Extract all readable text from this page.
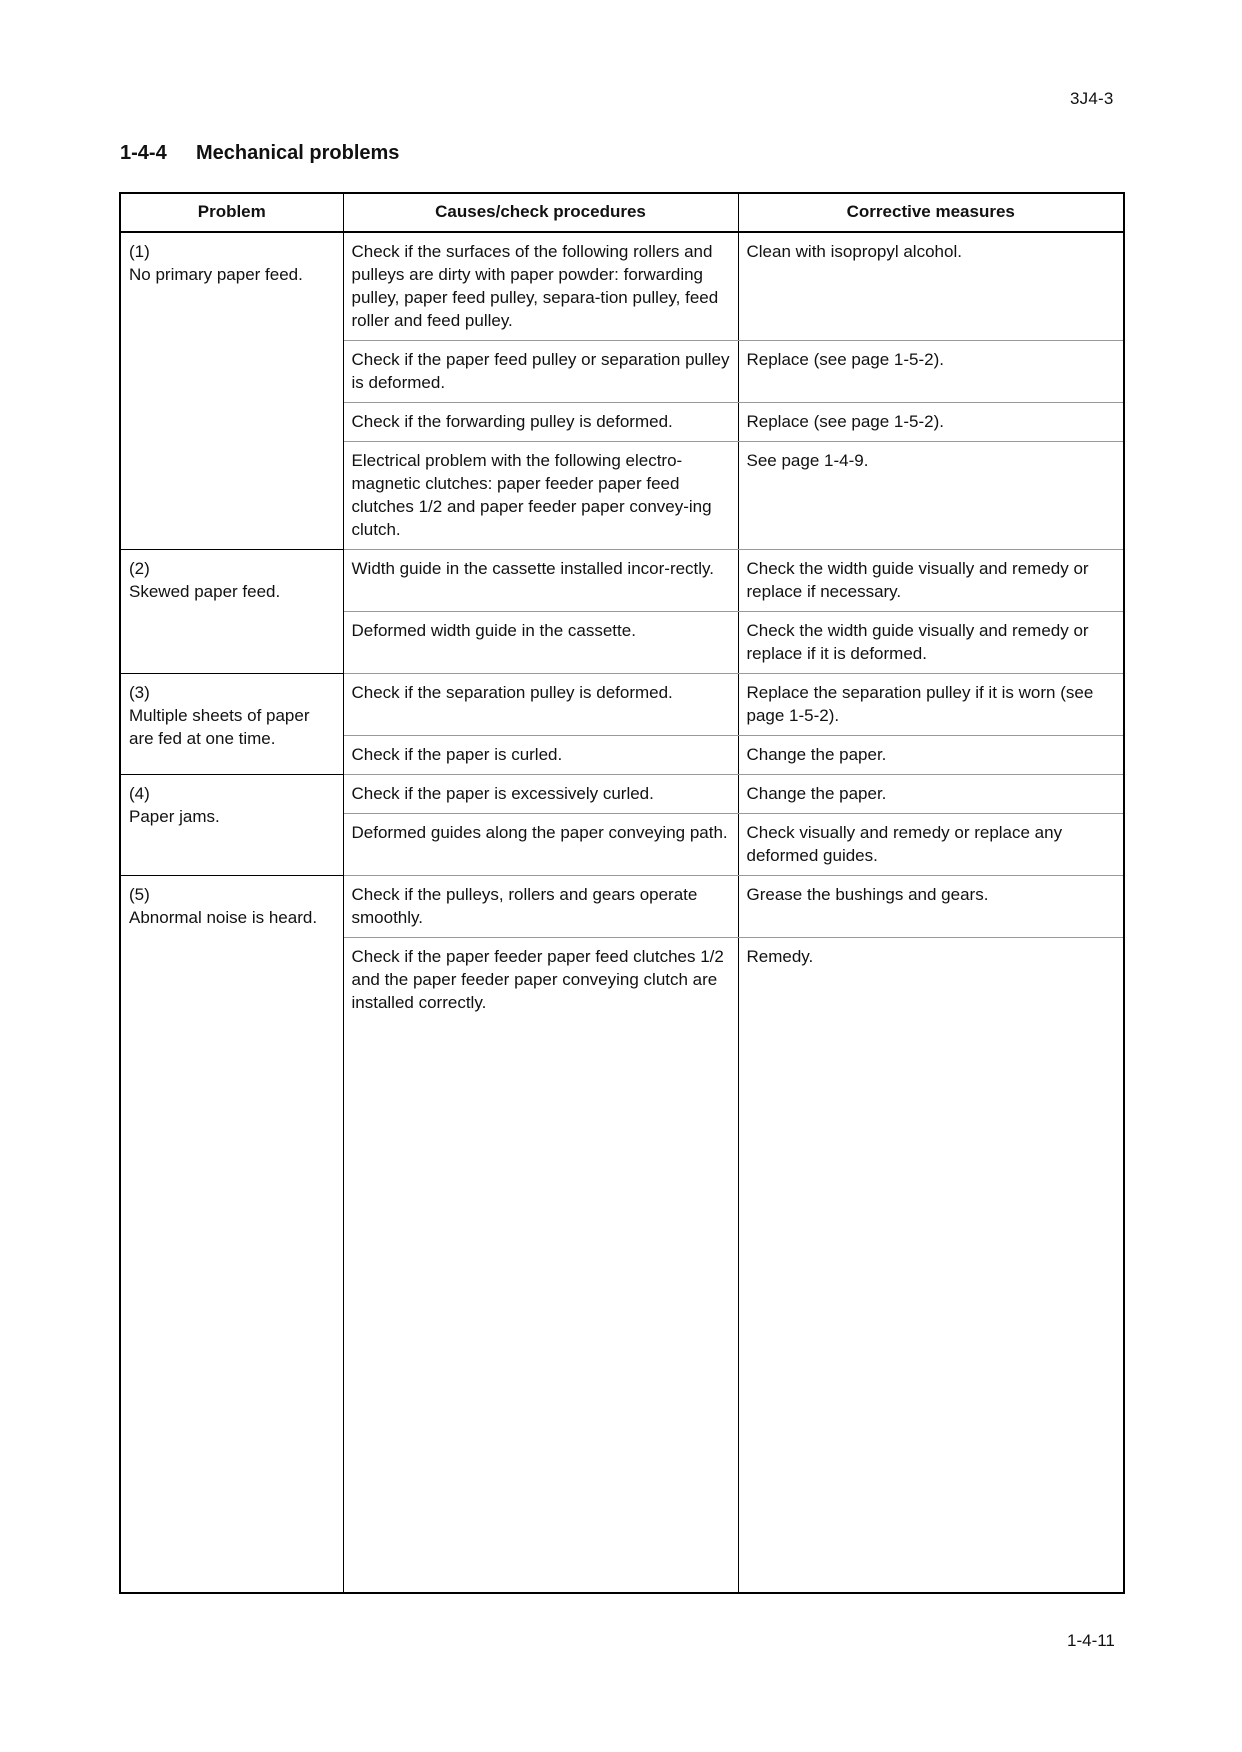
3J4-3
1-4-4 Mechanical problems
Problem	Causes/check procedures	Corrective measures

(1)
No primary paper feed.	Check if the surfaces of the following rollers and pulleys are dirty with paper powder: forwarding pulley, paper feed pulley, separa-tion pulley, feed roller and feed pulley.	Clean with isopropyl alcohol.
	Check if the paper feed pulley or separation pulley is deformed.	Replace (see page 1-5-2).
	Check if the forwarding pulley is deformed.	Replace (see page 1-5-2).
	Electrical problem with the following electro-magnetic clutches: paper feeder paper feed clutches 1/2 and paper feeder paper convey-ing clutch.	See page 1-4-9.

(2)
Skewed paper feed.	Width guide in the cassette installed incor-rectly.	Check the width guide visually and remedy or replace if necessary.
	Deformed width guide in the cassette.	Check the width guide visually and remedy or replace if it is deformed.

(3)
Multiple sheets of paper are fed at one time.	Check if the separation pulley is deformed.	Replace the separation pulley if it is worn (see page 1-5-2).
	Check if the paper is curled.	Change the paper.

(4)
Paper jams.	Check if the paper is excessively curled.	Change the paper.
	Deformed guides along the paper conveying path.	Check visually and remedy or replace any deformed guides.

(5)
Abnormal noise is heard.	Check if the pulleys, rollers and gears operate smoothly.	Grease the bushings and gears.
	Check if the paper feeder paper feed clutches 1/2 and the paper feeder paper conveying clutch are installed correctly.	Remedy.
1-4-11
